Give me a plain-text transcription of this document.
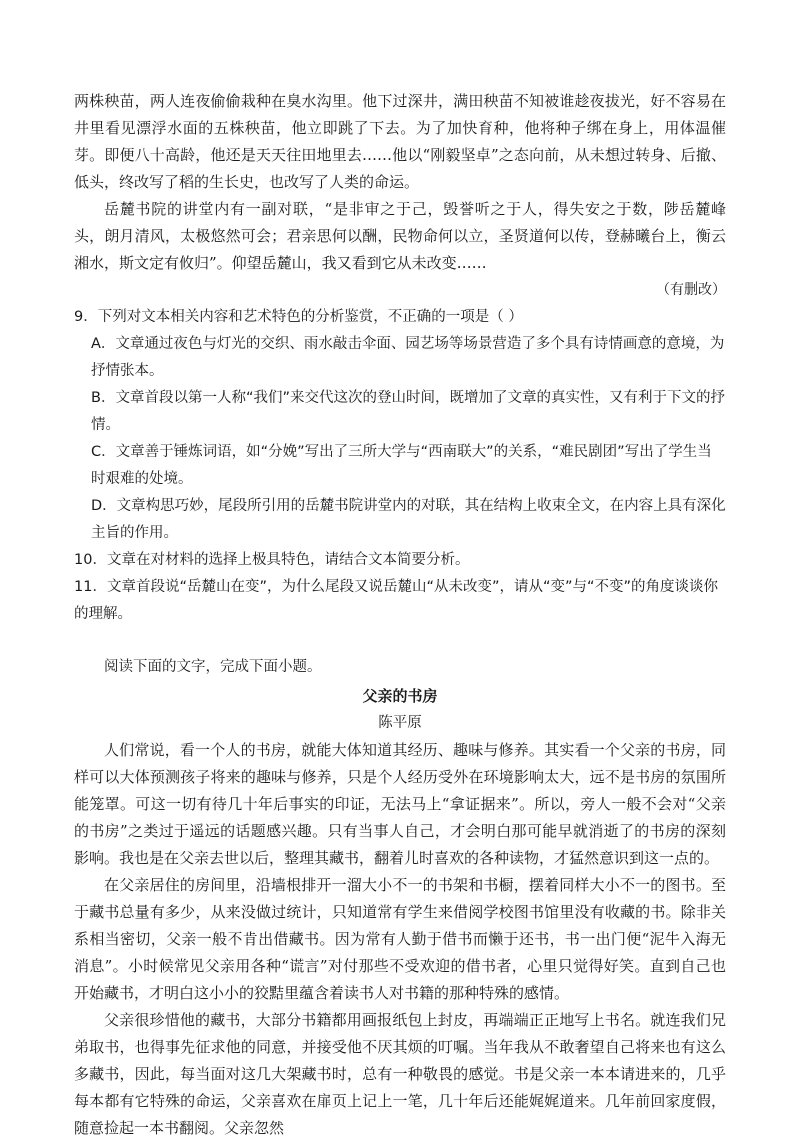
两株秧苗，两人连夜偷偷栽种在臭水沟里。他下过深井，满田秧苗不知被谁趁夜拔光，好不容易在井里看见漂浮水面的五株秧苗，他立即跳了下去。为了加快育种，他将种子绑在身上，用体温催芽。即便八十高龄，他还是天天往田地里去……他以“刚毅坚卓”之态向前，从未想过转身、后撤、低头，终改写了稻的生长史，也改写了人类的命运。

岳麓书院的讲堂内有一副对联，“是非审之于己，毁誉听之于人，得失安之于数，陟岳麓峰头，朗月清风，太极悠然可会；君亲思何以酬，民物命何以立，圣贤道何以传，登赫曦台上，衡云湘水，斯文定有攸归”。仰望岳麓山，我又看到它从未改变……

（有删改）

9．下列对文本相关内容和艺术特色的分析鉴赏，不正确的一项是（ ）

A．文章通过夜色与灯光的交织、雨水敲击伞面、园艺场等场景营造了多个具有诗情画意的意境，为抒情张本。
B．文章首段以第一人称“我们”来交代这次的登山时间，既增加了文章的真实性，又有利于下文的抒情。
C．文章善于锤炼词语，如“分娩”写出了三所大学与“西南联大”的关系，“难民剧团”写出了学生当时艰难的处境。
D．文章构思巧妙，尾段所引用的岳麓书院讲堂内的对联，其在结构上收束全文，在内容上具有深化主旨的作用。

10．文章在对材料的选择上极具特色，请结合文本简要分析。

11．文章首段说“岳麓山在变”，为什么尾段又说岳麓山“从未改变”，请从“变”与“不变”的角度谈谈你的理解。

阅读下面的文字，完成下面小题。

父亲的书房

陈平原

人们常说，看一个人的书房，就能大体知道其经历、趣味与修养。其实看一个父亲的书房，同样可以大体预测孩子将来的趣味与修养，只是个人经历受外在环境影响太大，远不是书房的氛围所能笼罩。可这一切有待几十年后事实的印证，无法马上“拿证据来”。所以，旁人一般不会对“父亲的书房”之类过于遥远的话题感兴趣。只有当事人自己，才会明白那可能早就消逝了的书房的深刻影响。我也是在父亲去世以后，整理其藏书，翻着儿时喜欢的各种读物，才猛然意识到这一点的。

在父亲居住的房间里，沿墙根排开一溜大小不一的书架和书橱，摆着同样大小不一的图书。至于藏书总量有多少，从来没做过统计，只知道常有学生来借阅学校图书馆里没有收藏的书。除非关系相当密切，父亲一般不肯出借藏书。因为常有人勤于借书而懒于还书，书一出门便“泥牛入海无消息”。小时候常见父亲用各种“谎言”对付那些不受欢迎的借书者，心里只觉得好笑。直到自己也开始藏书，才明白这小小的狡黠里蕴含着读书人对书籍的那种特殊的感情。

父亲很珍惜他的藏书，大部分书籍都用画报纸包上封皮，再端端正正地写上书名。就连我们兄弟取书，也得事先征求他的同意，并接受他不厌其烦的叮嘱。当年我从不敢奢望自己将来也有这么多藏书，因此，每当面对这几大架藏书时，总有一种敬畏的感觉。书是父亲一本本请进来的，几乎每本都有它特殊的命运，父亲喜欢在扉页上记上一笔，几十年后还能娓娓道来。几年前回家度假，随意捡起一本书翻阅。父亲忽然
